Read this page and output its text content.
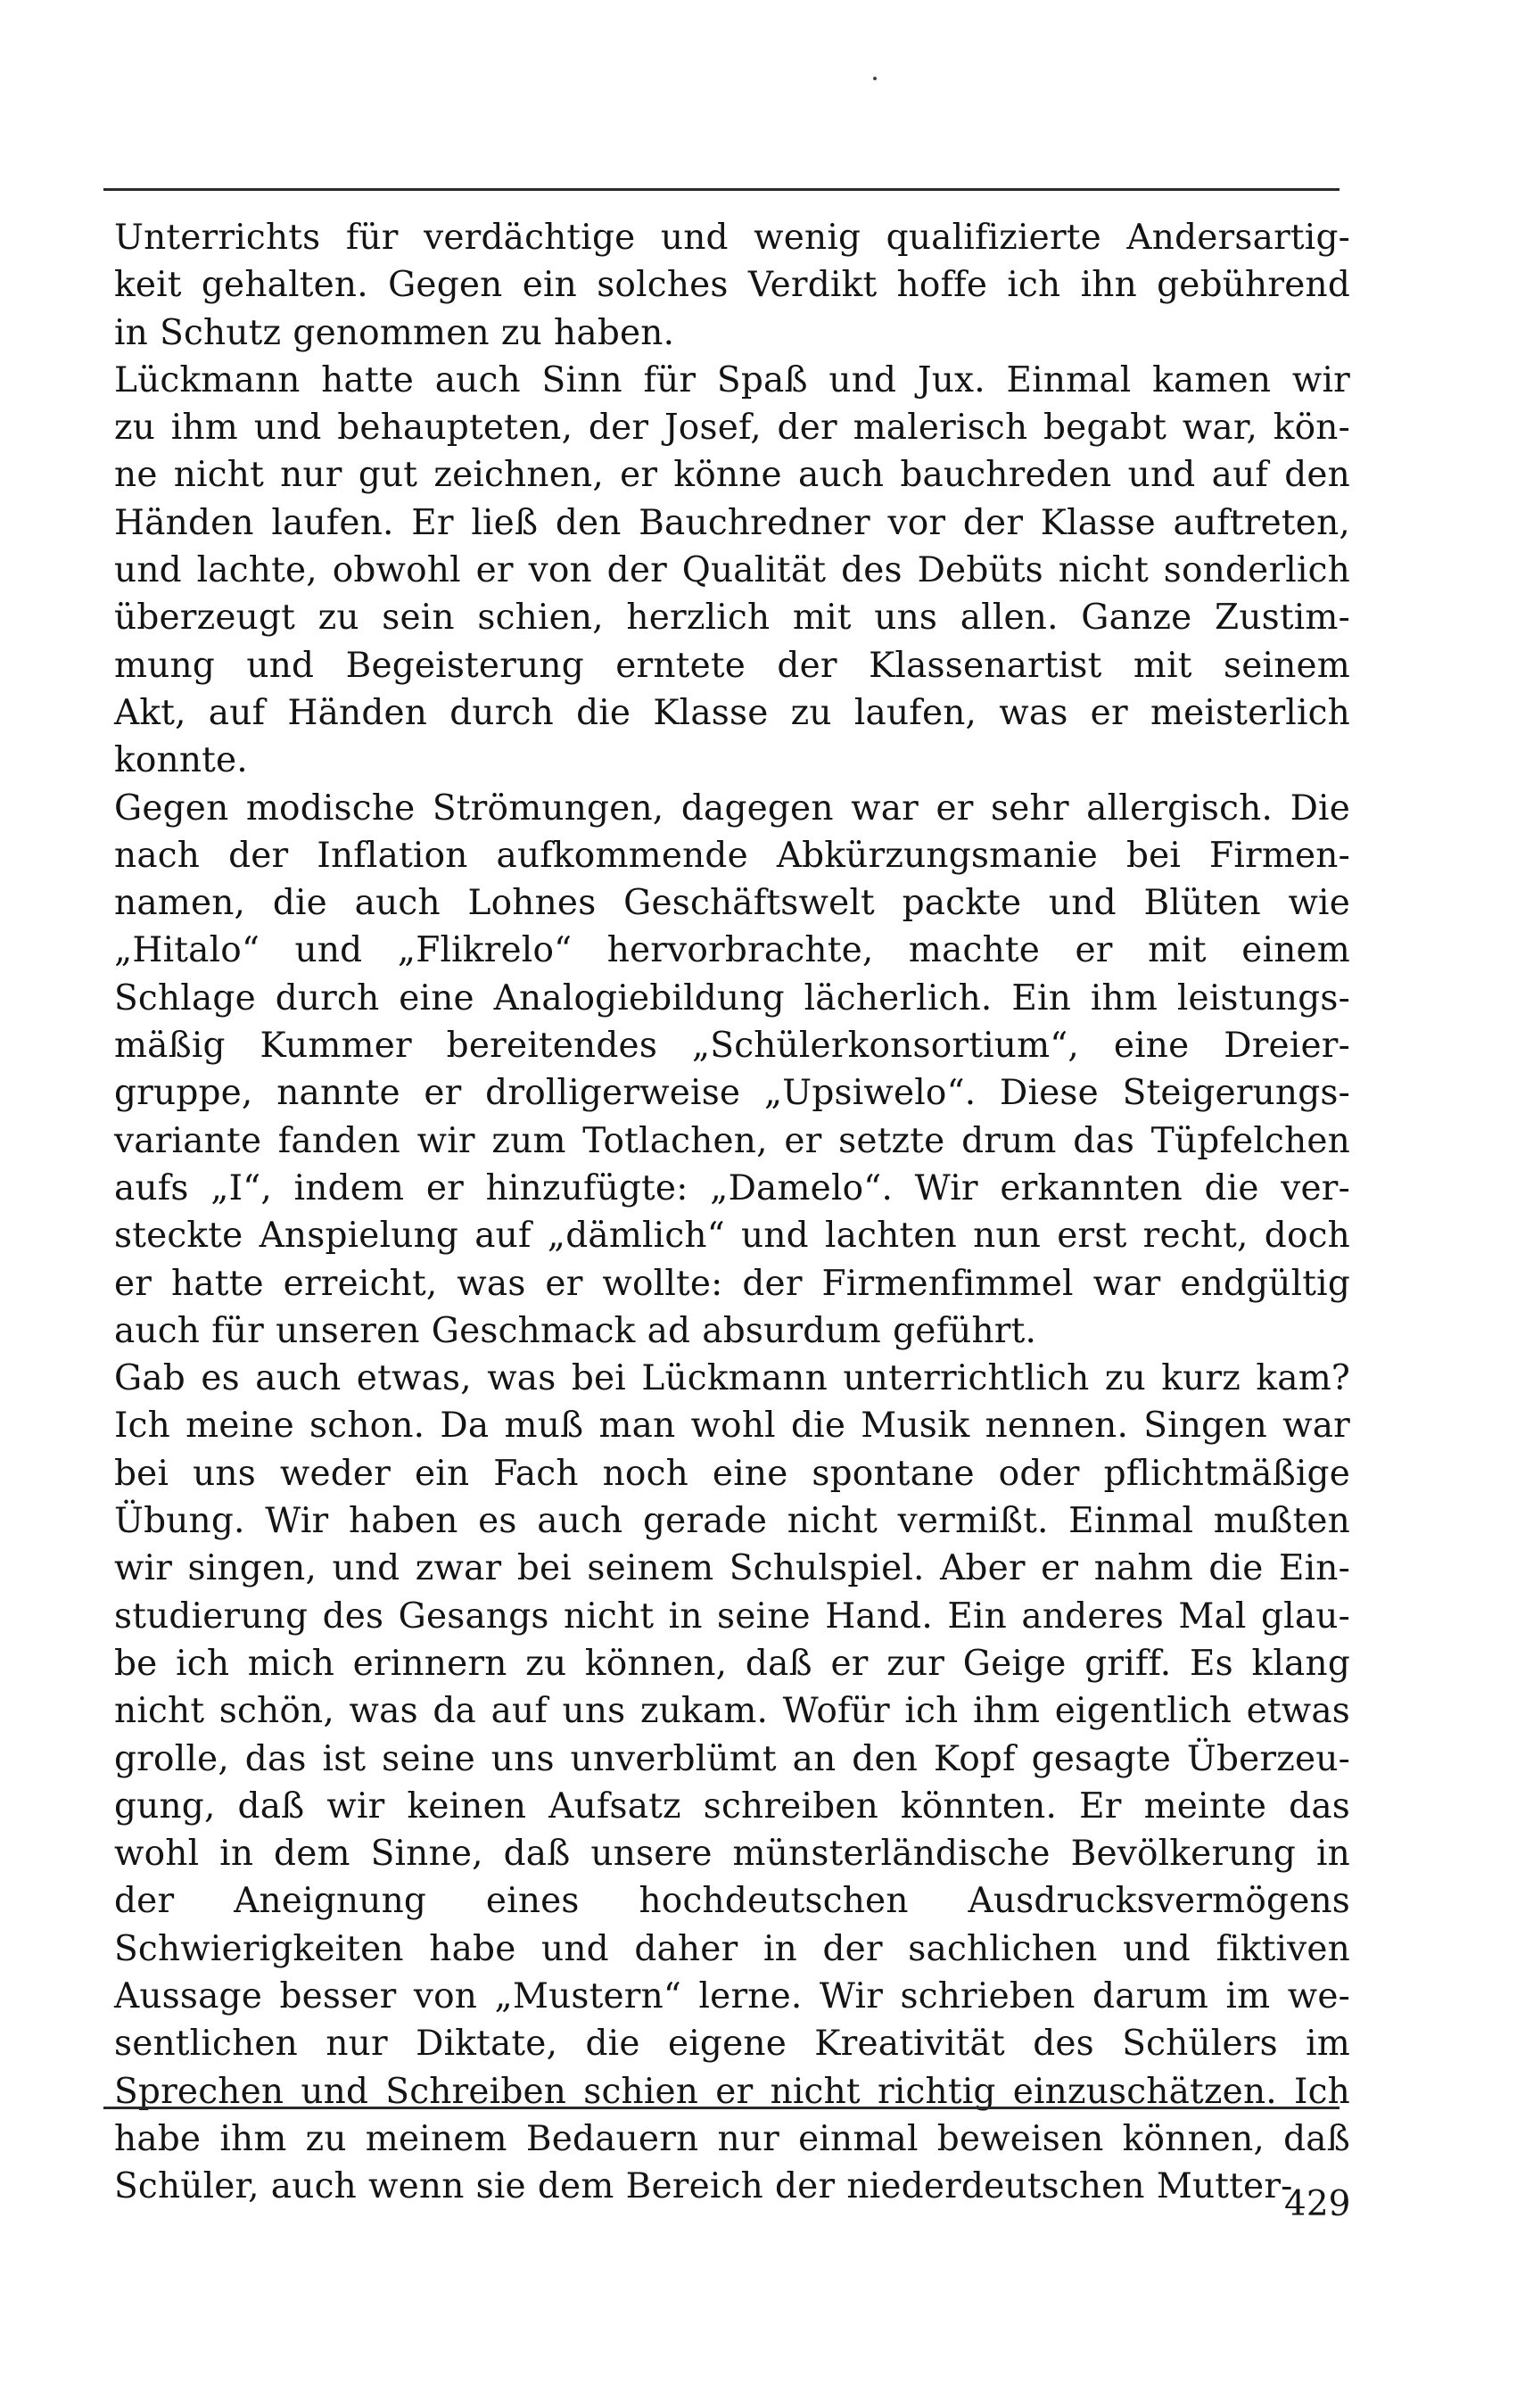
Unterrichts für verdächtige und wenig qualifizierte Andersartig-
keit gehalten. Gegen ein solches Verdikt hoffe ich ihn gebührend
in Schutz genommen zu haben.
Lückmann hatte auch Sinn für Spaß und Jux. Einmal kamen wir
zu ihm und behaupteten, der Josef, der malerisch begabt war, kön-
ne nicht nur gut zeichnen, er könne auch bauchreden und auf den
Händen laufen. Er ließ den Bauchredner vor der Klasse auftreten,
und lachte, obwohl er von der Qualität des Debüts nicht sonderlich
überzeugt zu sein schien, herzlich mit uns allen. Ganze Zustim-
mung und Begeisterung erntete der Klassenartist mit seinem
Akt, auf Händen durch die Klasse zu laufen, was er meisterlich
konnte.
Gegen modische Strömungen, dagegen war er sehr allergisch. Die
nach der Inflation aufkommende Abkürzungsmanie bei Firmen-
namen, die auch Lohnes Geschäftswelt packte und Blüten wie
„Hitalo“ und „Flikrelo“ hervorbrachte, machte er mit einem
Schlage durch eine Analogiebildung lächerlich. Ein ihm leistungs-
mäßig Kummer bereitendes „Schülerkonsortium“, eine Dreier-
gruppe, nannte er drolligerweise „Upsiwelo“. Diese Steigerungs-
variante fanden wir zum Totlachen, er setzte drum das Tüpfelchen
aufs „I“, indem er hinzufügte: „Damelo“. Wir erkannten die ver-
steckte Anspielung auf „dämlich“ und lachten nun erst recht, doch
er hatte erreicht, was er wollte: der Firmenfimmel war endgültig
auch für unseren Geschmack ad absurdum geführt.
Gab es auch etwas, was bei Lückmann unterrichtlich zu kurz kam?
Ich meine schon. Da muß man wohl die Musik nennen. Singen war
bei uns weder ein Fach noch eine spontane oder pflichtmäßige
Übung. Wir haben es auch gerade nicht vermißt. Einmal mußten
wir singen, und zwar bei seinem Schulspiel. Aber er nahm die Ein-
studierung des Gesangs nicht in seine Hand. Ein anderes Mal glau-
be ich mich erinnern zu können, daß er zur Geige griff. Es klang
nicht schön, was da auf uns zukam. Wofür ich ihm eigentlich etwas
grolle, das ist seine uns unverblümt an den Kopf gesagte Überzeu-
gung, daß wir keinen Aufsatz schreiben könnten. Er meinte das
wohl in dem Sinne, daß unsere münsterländische Bevölkerung in
der Aneignung eines hochdeutschen Ausdrucksvermögens
Schwierigkeiten habe und daher in der sachlichen und fiktiven
Aussage besser von „Mustern“ lerne. Wir schrieben darum im we-
sentlichen nur Diktate, die eigene Kreativität des Schülers im
Sprechen und Schreiben schien er nicht richtig einzuschätzen. Ich
habe ihm zu meinem Bedauern nur einmal beweisen können, daß
Schüler, auch wenn sie dem Bereich der niederdeutschen Mutter-
429
